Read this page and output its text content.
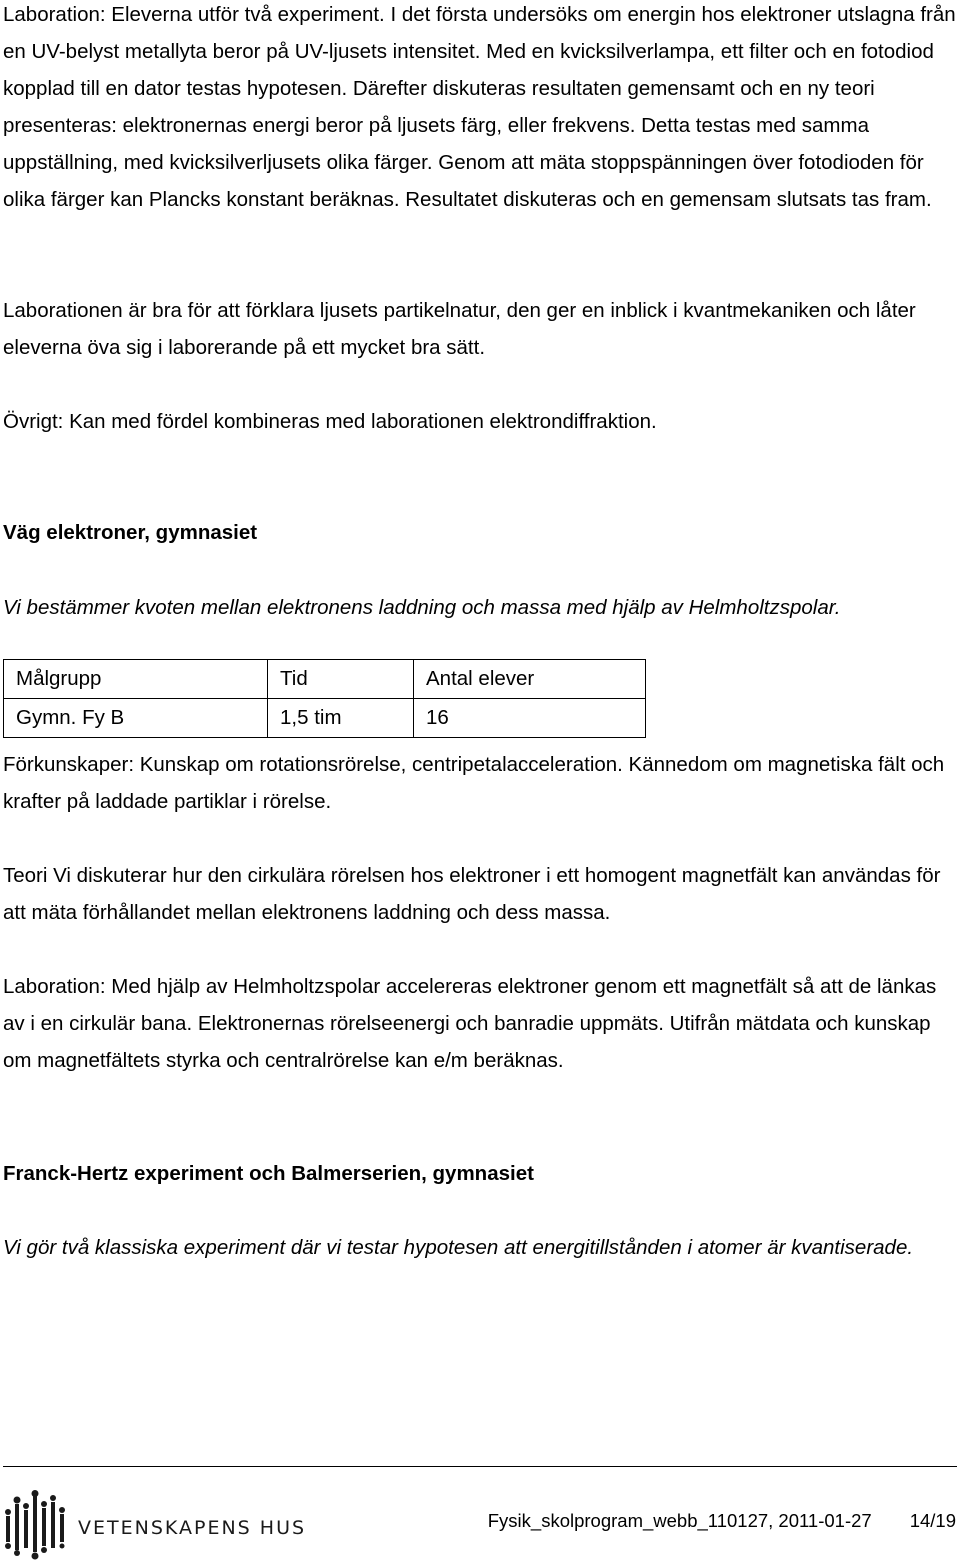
Laboration: Eleverna utför två experiment. I det första undersöks om energin hos elektroner utslagna från en UV-belyst metallyta beror på UV-ljusets intensitet. Med en kvicksilverlampa, ett filter och en fotodiod kopplad till en dator testas hypotesen. Därefter diskuteras resultaten gemensamt och en ny teori presenteras: elektronernas energi beror på ljusets färg, eller frekvens. Detta testas med samma uppställning, med kvicksilverljusets olika färger. Genom att mäta stoppspänningen över fotodioden för olika färger kan Plancks konstant beräknas. Resultatet diskuteras och en gemensam slutsats tas fram.

Laborationen är bra för att förklara ljusets partikelnatur, den ger en inblick i kvantmekaniken och låter eleverna öva sig i laborerande på ett mycket bra sätt.

Övrigt: Kan med fördel kombineras med laborationen elektrondiffraktion.

Väg elektroner, gymnasiet

Vi bestämmer kvoten mellan elektronens laddning och massa med hjälp av Helmholtzspolar.

Målgrupp	Tid	Antal elever
Gymn. Fy B	1,5 tim	16

Förkunskaper: Kunskap om rotationsrörelse, centripetalacceleration. Kännedom om magnetiska fält och krafter på laddade partiklar i rörelse.

Teori Vi diskuterar hur den cirkulära rörelsen hos elektroner i ett homogent magnetfält kan användas för att mäta förhållandet mellan elektronens laddning och dess massa.

Laboration: Med hjälp av Helmholtzspolar accelereras elektroner genom ett magnetfält så att de länkas av i en cirkulär bana. Elektronernas rörelseenergi och banradie uppmäts. Utifrån mätdata och kunskap om magnetfältets styrka och centralrörelse kan e/m beräknas.

Franck-Hertz experiment och Balmerserien, gymnasiet

Vi gör två klassiska experiment där vi testar hypotesen att energitillstånden i atomer är kvantiserade.

VETENSKAPENS HUS	Fysik_skolprogram_webb_110127, 2011-01-27 14/19
